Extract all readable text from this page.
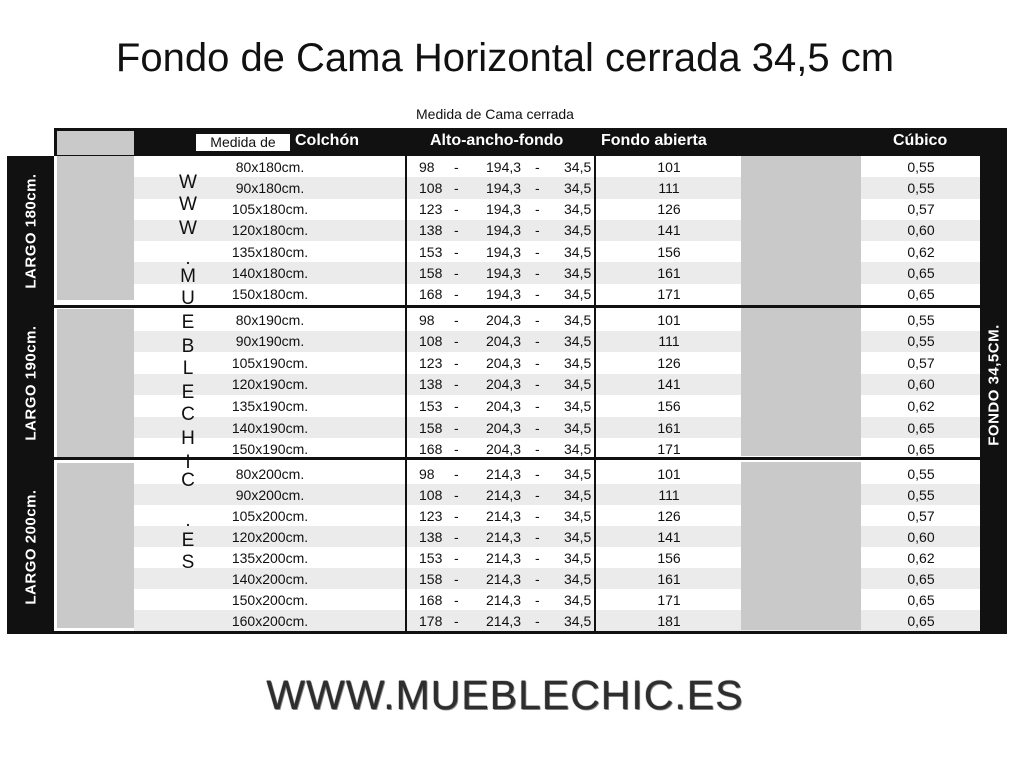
Fondo de Cama Horizontal cerrada 34,5 cm
Medida de Cama cerrada
Medida de	Colchón	Alto-ancho-fondo Fondo abierta	Cúbico
LARGO 180cm.
LARGO 190cm.
LARGO 200cm.
FONDO 34,5CM.
80x180cm.	98	-	194,3 -	34,5	101	0,55
90x180cm.	108 -	194,3 -	34,5	111	0,55
105x180cm.	123 -	194,3 -	34,5	126	0,57
120x180cm.	138 -	194,3 -	34,5	141	0,60
135x180cm.	153 -	194,3 -	34,5	156	0,62
140x180cm.	158 -	194,3 -	34,5	161	0,65
150x180cm.	168 -	194,3 -	34,5	171	0,65
80x190cm.	98	-	204,3 -	34,5	101	0,55
90x190cm.	108 -	204,3 -	34,5	111	0,55
105x190cm.	123 -	204,3 -	34,5	126	0,57
120x190cm.	138 -	204,3 -	34,5	141	0,60
135x190cm.	153 -	204,3 -	34,5	156	0,62
140x190cm.	158 -	204,3 -	34,5	161	0,65
150x190cm.	168 -	204,3 -	34,5	171	0,65
80x200cm.	98	-	214,3 -	34,5	101	0,55
90x200cm.	108 -	214,3 -	34,5	111	0,55
105x200cm.	123 -	214,3 -	34,5	126	0,57
120x200cm.	138 -	214,3 -	34,5	141	0,60
135x200cm.	153 -	214,3 -	34,5	156	0,62
140x200cm.	158 -	214,3 -	34,5	161	0,65
150x200cm.	168 -	214,3 -	34,5	171	0,65
160x200cm.	178 -	214,3 -	34,5	181	0,65
W
W
W
.
M
U
E
B
L
E
C
H
I
C
.
E
S
WWW.MUEBLECHIC.ES
